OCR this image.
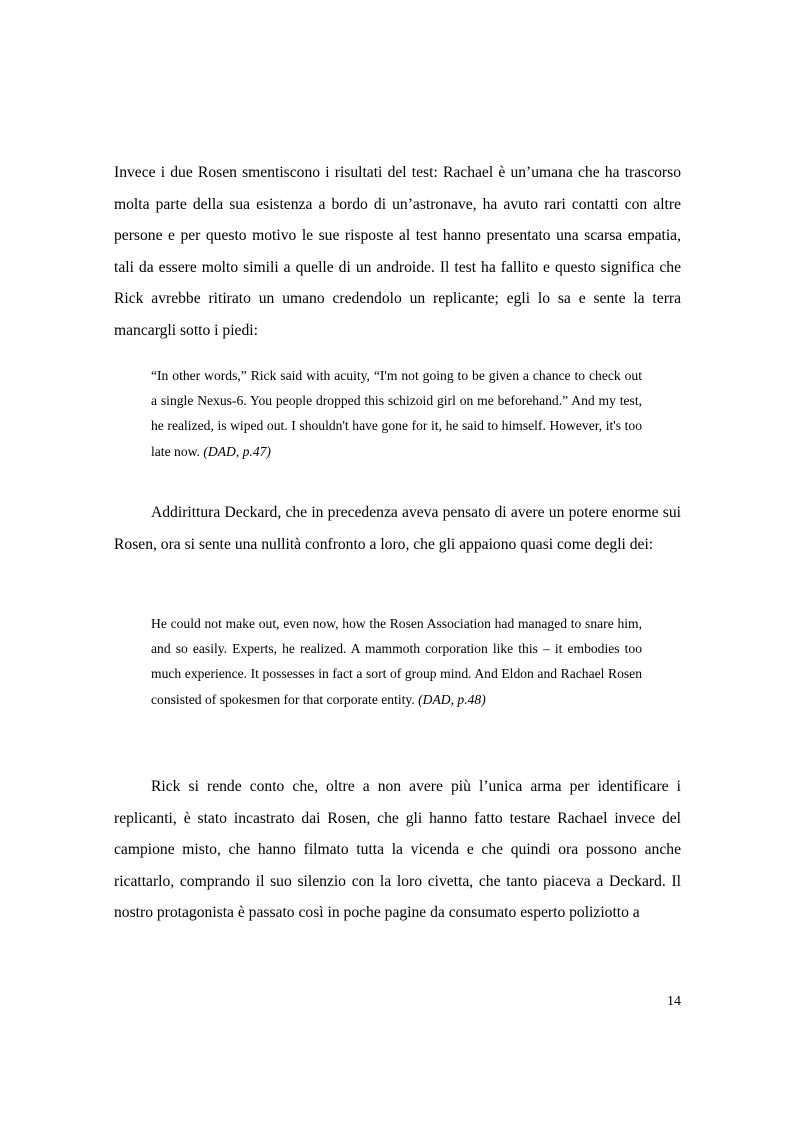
Invece i due Rosen smentiscono i risultati del test: Rachael è un’umana che ha trascorso molta parte della sua esistenza a bordo di un’astronave, ha avuto rari contatti con altre persone e per questo motivo le sue risposte al test hanno presentato una scarsa empatia, tali da essere molto simili a quelle di un androide. Il test ha fallito e questo significa che Rick avrebbe ritirato un umano credendolo un replicante; egli lo sa e sente la terra mancargli sotto i piedi:

“In other words,” Rick said with acuity, “I'm not going to be given a chance to check out a single Nexus-6. You people dropped this schizoid girl on me beforehand.” And my test, he realized, is wiped out. I shouldn't have gone for it, he said to himself. However, it's too late now. (DAD, p.47)

Addirittura Deckard, che in precedenza aveva pensato di avere un potere enorme sui Rosen, ora si sente una nullità confronto a loro, che gli appaiono quasi come degli dei:

He could not make out, even now, how the Rosen Association had managed to snare him, and so easily. Experts, he realized. A mammoth corporation like this – it embodies too much experience. It possesses in fact a sort of group mind. And Eldon and Rachael Rosen consisted of spokesmen for that corporate entity. (DAD, p.48)

Rick si rende conto che, oltre a non avere più l’unica arma per identificare i replicanti, è stato incastrato dai Rosen, che gli hanno fatto testare Rachael invece del campione misto, che hanno filmato tutta la vicenda e che quindi ora possono anche ricattarlo, comprando il suo silenzio con la loro civetta, che tanto piaceva a Deckard. Il nostro protagonista è passato così in poche pagine da consumato esperto poliziotto a

14
